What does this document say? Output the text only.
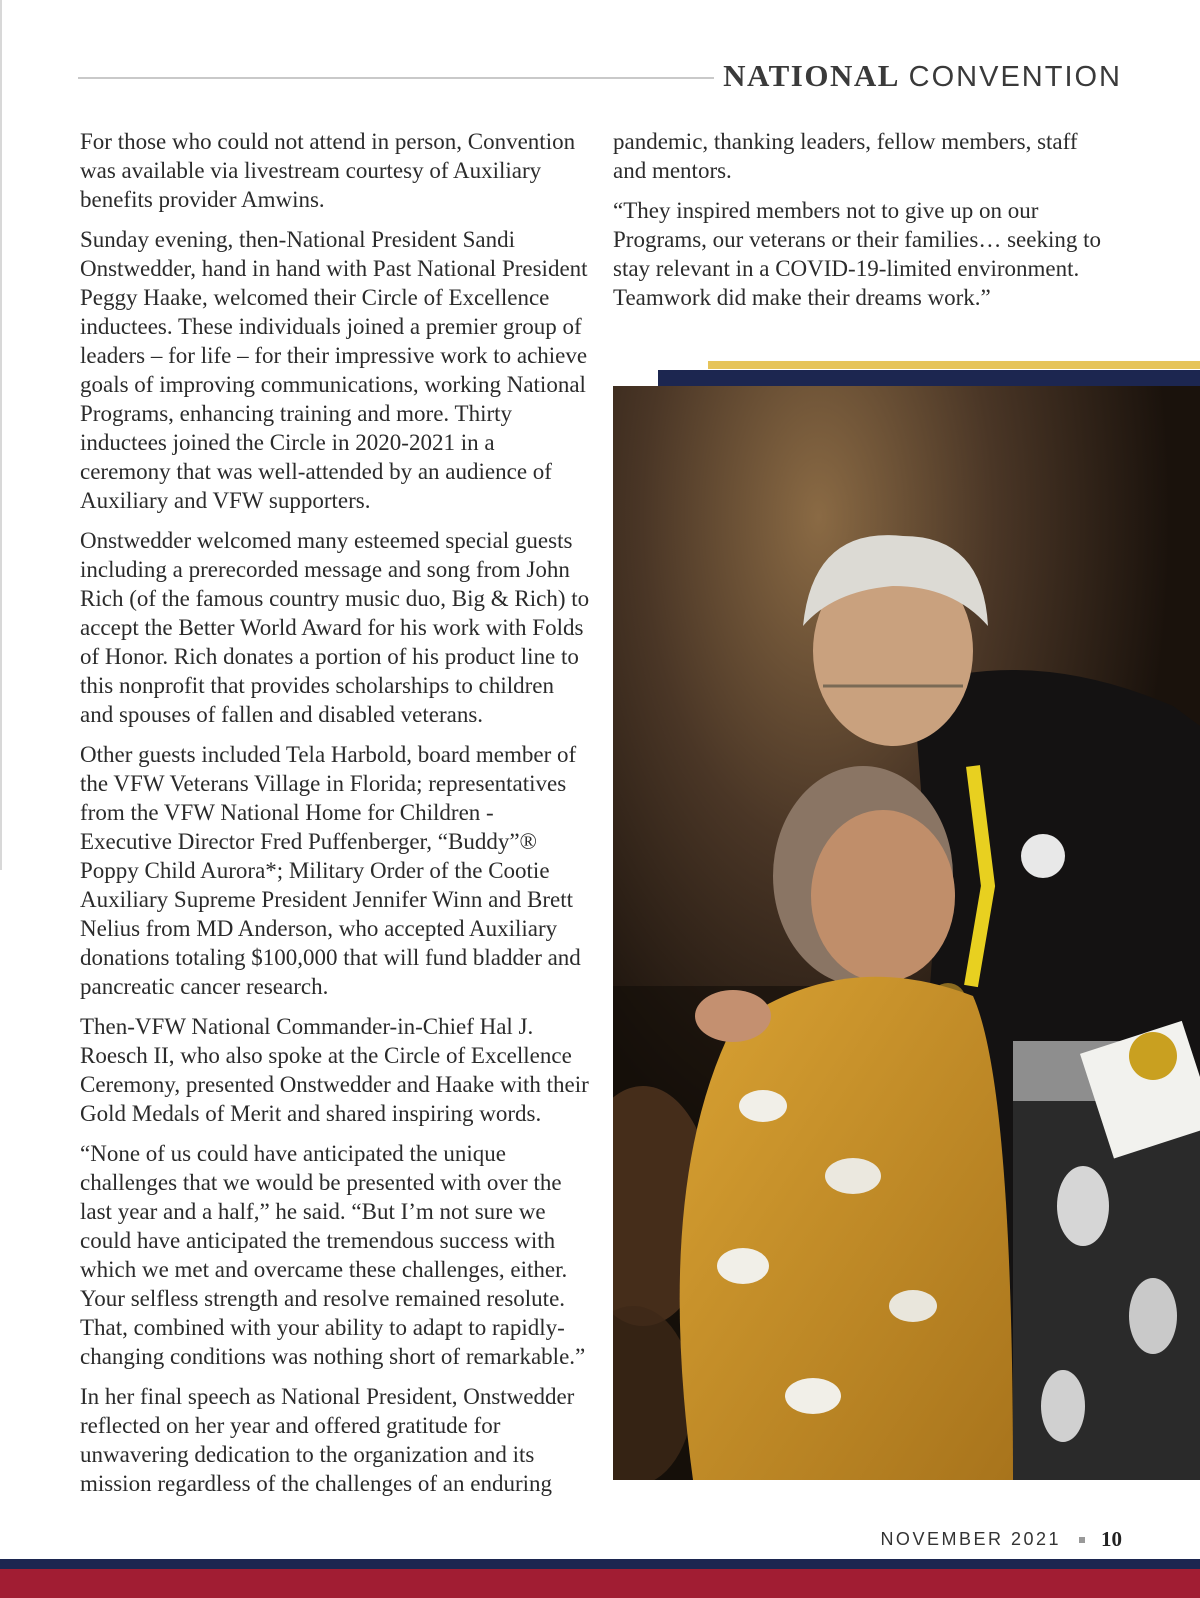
NATIONAL CONVENTION

For those who could not attend in person, Convention was available via livestream courtesy of Auxiliary benefits provider Amwins.

Sunday evening, then-National President Sandi Onstwedder, hand in hand with Past National President Peggy Haake, welcomed their Circle of Excellence inductees. These individuals joined a premier group of leaders – for life – for their impressive work to achieve goals of improving communications, working National Programs, enhancing training and more. Thirty inductees joined the Circle in 2020-2021 in a ceremony that was well-attended by an audience of Auxiliary and VFW supporters.

Onstwedder welcomed many esteemed special guests including a prerecorded message and song from John Rich (of the famous country music duo, Big & Rich) to accept the Better World Award for his work with Folds of Honor. Rich donates a portion of his product line to this nonprofit that provides scholarships to children and spouses of fallen and disabled veterans.

Other guests included Tela Harbold, board member of the VFW Veterans Village in Florida; representatives from the VFW National Home for Children - Executive Director Fred Puffenberger, “Buddy”® Poppy Child Aurora*; Military Order of the Cootie Auxiliary Supreme President Jennifer Winn and Brett Nelius from MD Anderson, who accepted Auxiliary donations totaling $100,000 that will fund bladder and pancreatic cancer research.

Then-VFW National Commander-in-Chief Hal J. Roesch II, who also spoke at the Circle of Excellence Ceremony, presented Onstwedder and Haake with their Gold Medals of Merit and shared inspiring words.

“None of us could have anticipated the unique challenges that we would be presented with over the last year and a half,” he said. “But I’m not sure we could have anticipated the tremendous success with which we met and overcame these challenges, either. Your selfless strength and resolve remained resolute. That, combined with your ability to adapt to rapidly-changing conditions was nothing short of remarkable.”

In her final speech as National President, Onstwedder reflected on her year and offered gratitude for unwavering dedication to the organization and its mission regardless of the challenges of an enduring

pandemic, thanking leaders, fellow members, staff and mentors.

“They inspired members not to give up on our Programs, our veterans or their families… seeking to stay relevant in a COVID-19-limited environment. Teamwork did make their dreams work.”

NOVEMBER 2021 10
